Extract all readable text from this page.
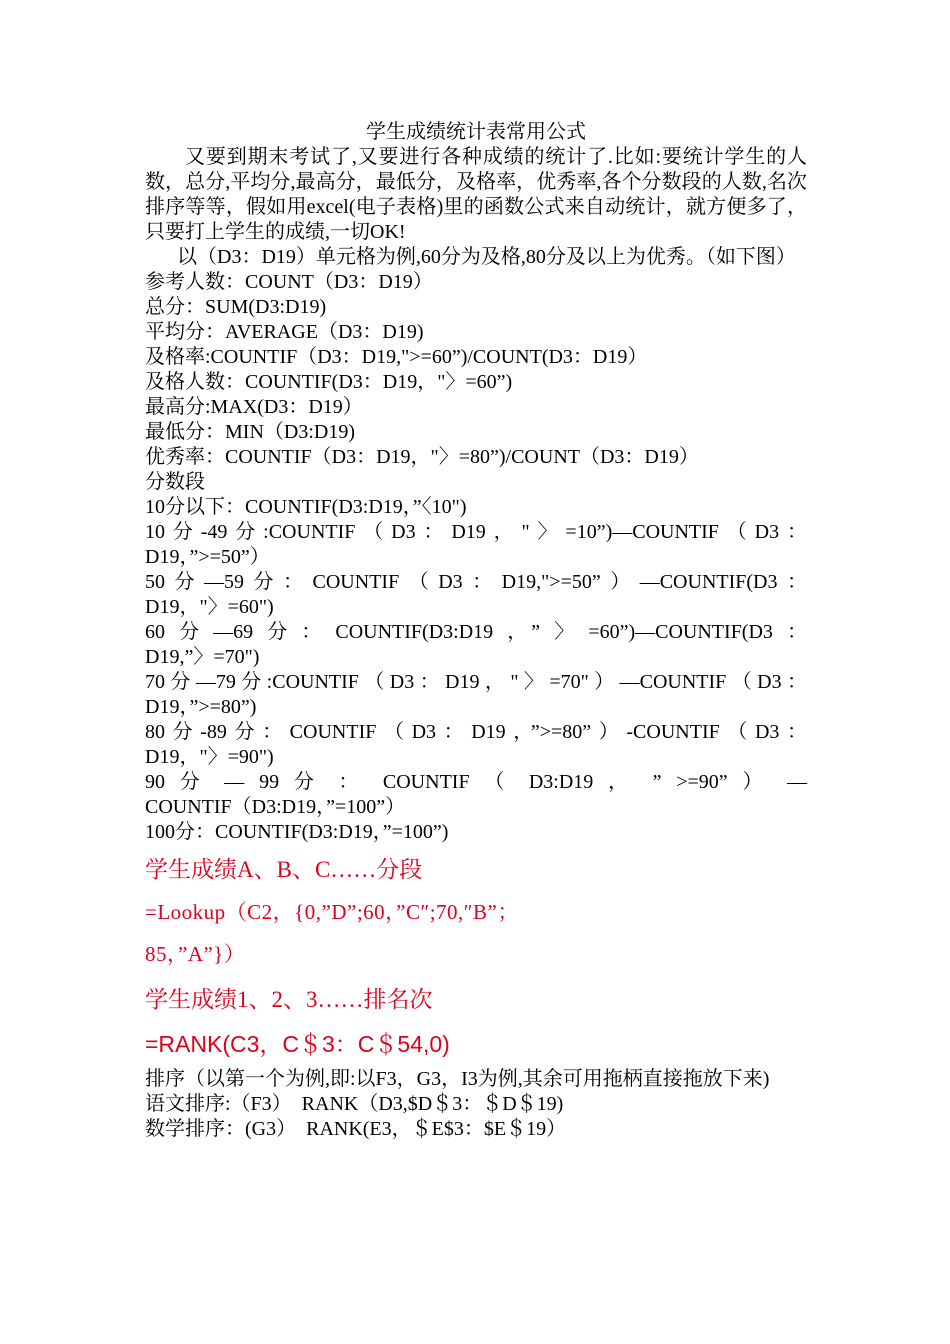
学生成绩统计表常用公式
又要到期末考试了,又要进行各种成绩的统计了.比如:要统计学生的人数，总分,平均分,最高分，最低分，及格率，优秀率,各个分数段的人数,名次排序等等，假如用excel(电子表格)里的函数公式来自动统计，就方便多了，只要打上学生的成绩,一切OK!
以（D3：D19）单元格为例,60分为及格,80分及以上为优秀。（如下图）
参考人数：COUNT（D3：D19）
总分：SUM(D3:D19)
平均分：AVERAGE（D3：D19)
及格率:COUNTIF（D3：D19,">=60”)/COUNT(D3：D19）
及格人数：COUNTIF(D3：D19，"〉=60”)
最高分:MAX(D3：D19）
最低分：MIN（D3:D19)
优秀率：COUNTIF（D3：D19，"〉=80”)/COUNT（D3：D19）
分数段
10分以下：COUNTIF(D3:D19，”〈10")
10分-49分:COUNTIF（D3：D19，"〉=10”)—COUNTIF（D3：
D19，”>=50”）
50分—59分：COUNTIF（D3：D19,">=50”）—COUNTIF(D3：
D19，"〉=60")
60分—69分：COUNTIF(D3:D19，”〉=60”)—COUNTIF(D3：
D19,”〉=70")
70分—79分:COUNTIF（D3：D19，"〉=70"）—COUNTIF（D3：
D19，”>=80”)
80分-89分：COUNTIF（D3：D19，”>=80”）-COUNTIF（D3：
D19，"〉=90")
90 分 — 99 分 ： COUNTIF （ D3:D19 ， ” >=90” ） —
COUNTIF（D3:D19，”=100”）
100分：COUNTIF(D3:D19，”=100”)
学生成绩A、B、C……分段
=Lookup（C2，{0,”D”;60，”C″;70,″B”；
85，”A”}）
学生成绩1、2、3……排名次
=RANK(C3，C＄3：C＄54,0)
排序（以第一个为例,即:以F3，G3，I3为例,其余可用拖柄直接拖放下来)
语文排序:（F3）　RANK（D3,$D＄3：＄D＄19)
数学排序：(G3）　RANK(E3，＄E$3：$E＄19）
